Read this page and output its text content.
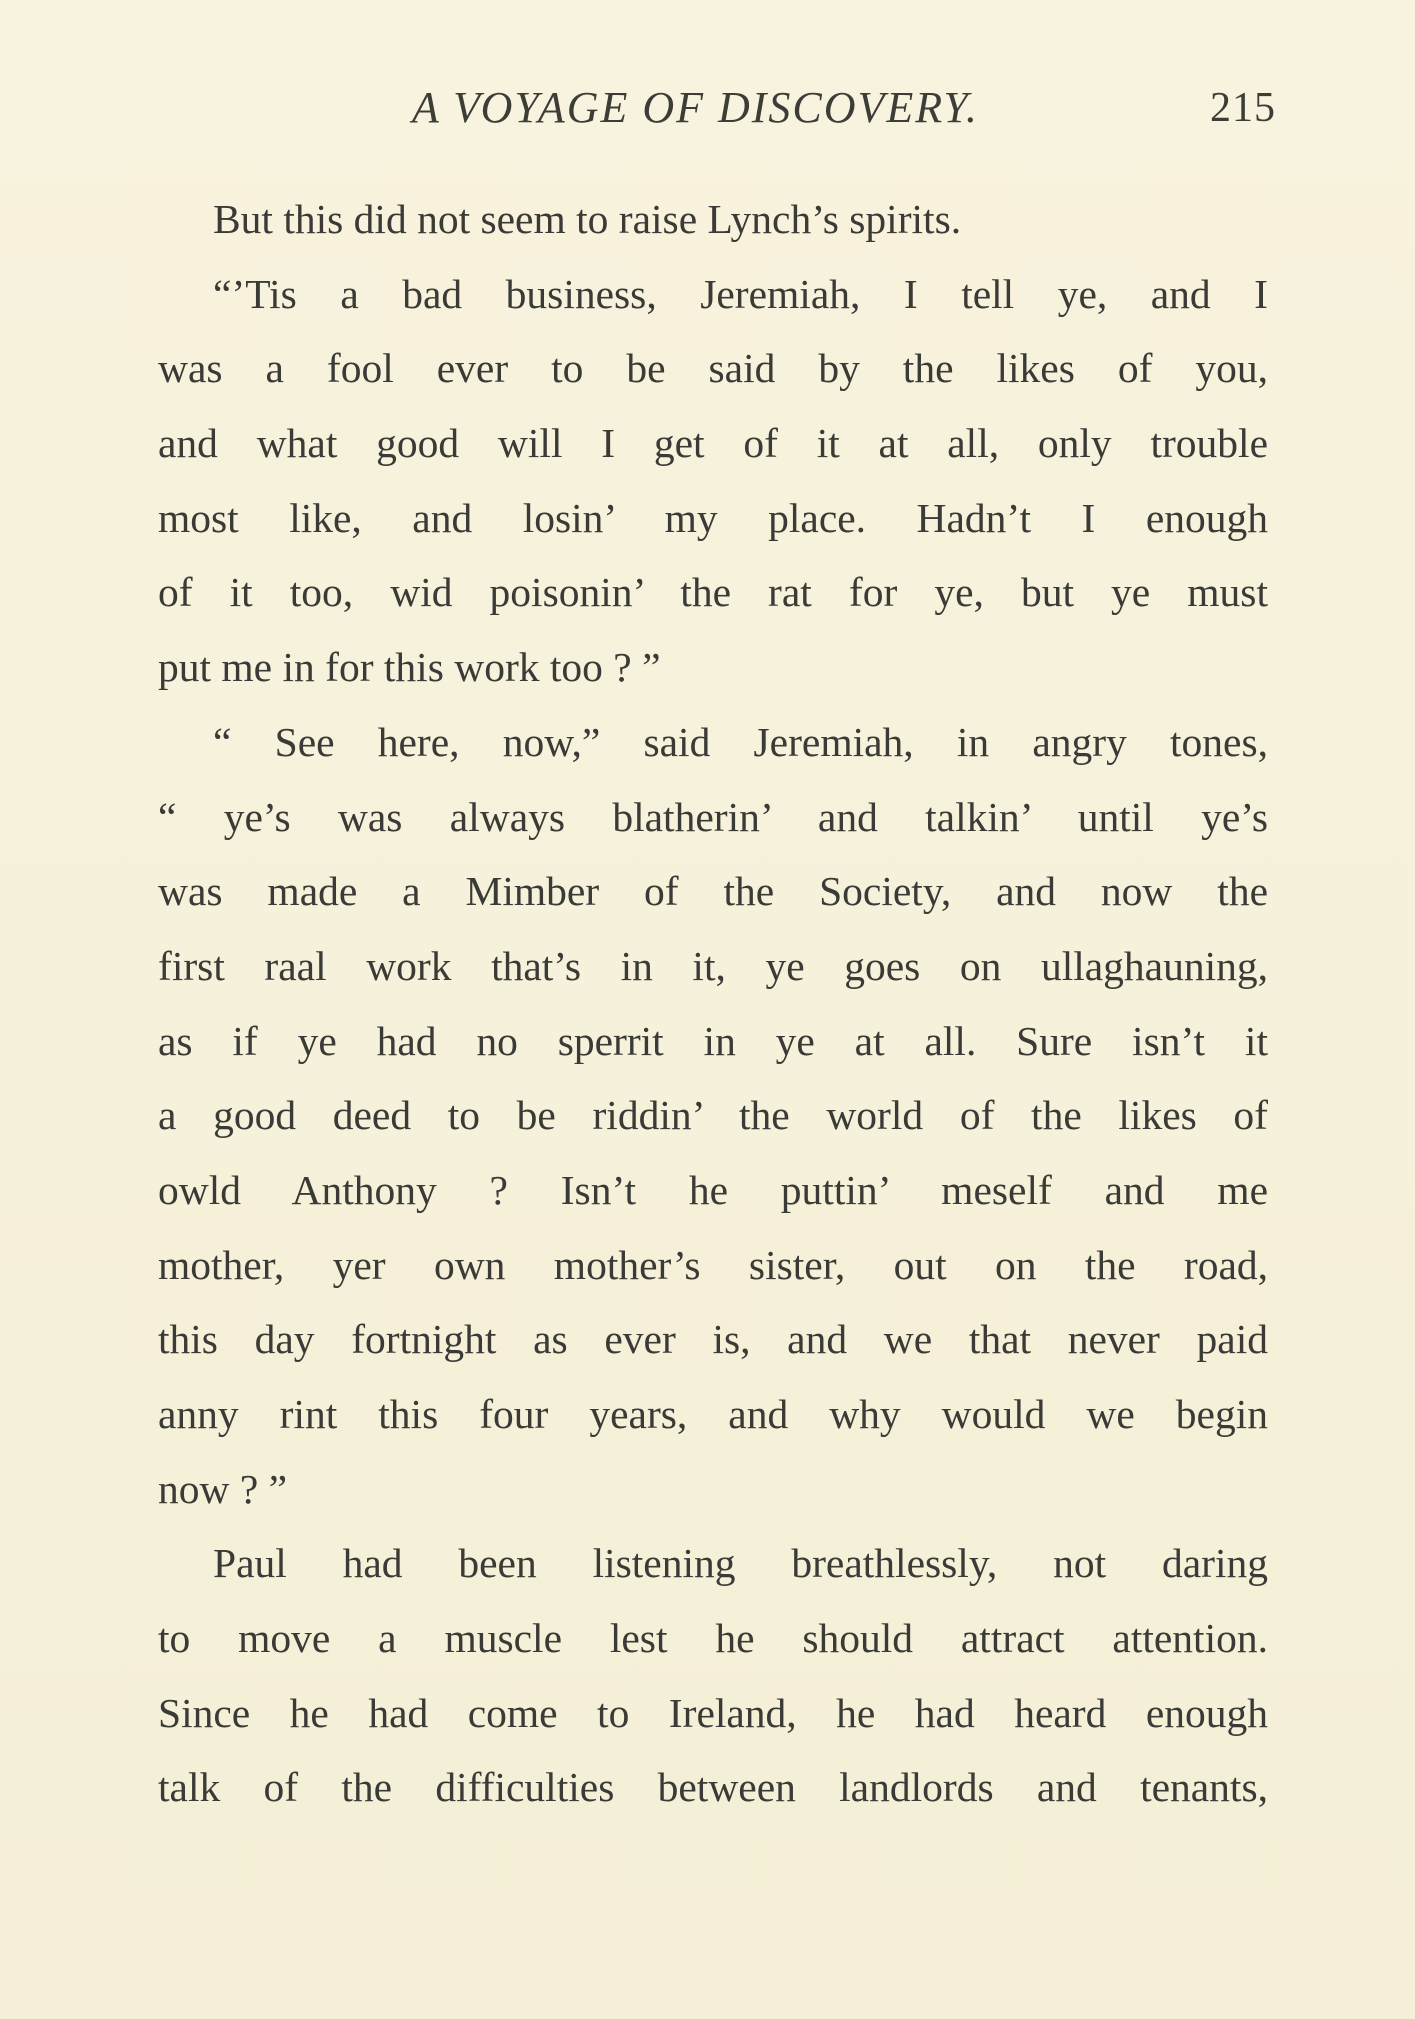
A VOYAGE OF DISCOVERY.	215
But this did not seem to raise Lynch’s spirits.
“’Tis a bad business, Jeremiah, I tell ye, and I
was a fool ever to be said by the likes of you,
and what good will I get of it at all, only trouble
most like, and losin’ my place. Hadn’t I enough
of it too, wid poisonin’ the rat for ye, but ye must
put me in for this work too ? ”
“ See here, now,” said Jeremiah, in angry tones,
“ ye’s was always blatherin’ and talkin’ until ye’s
was made a Mimber of the Society, and now the
first raal work that’s in it, ye goes on ullaghauning,
as if ye had no sperrit in ye at all. Sure isn’t it
a good deed to be riddin’ the world of the likes of
owld Anthony ? Isn’t he puttin’ meself and me
mother, yer own mother’s sister, out on the road,
this day fortnight as ever is, and we that never paid
anny rint this four years, and why would we begin
now ? ”
Paul had been listening breathlessly, not daring
to move a muscle lest he should attract attention.
Since he had come to Ireland, he had heard enough
talk of the difficulties between landlords and tenants,
